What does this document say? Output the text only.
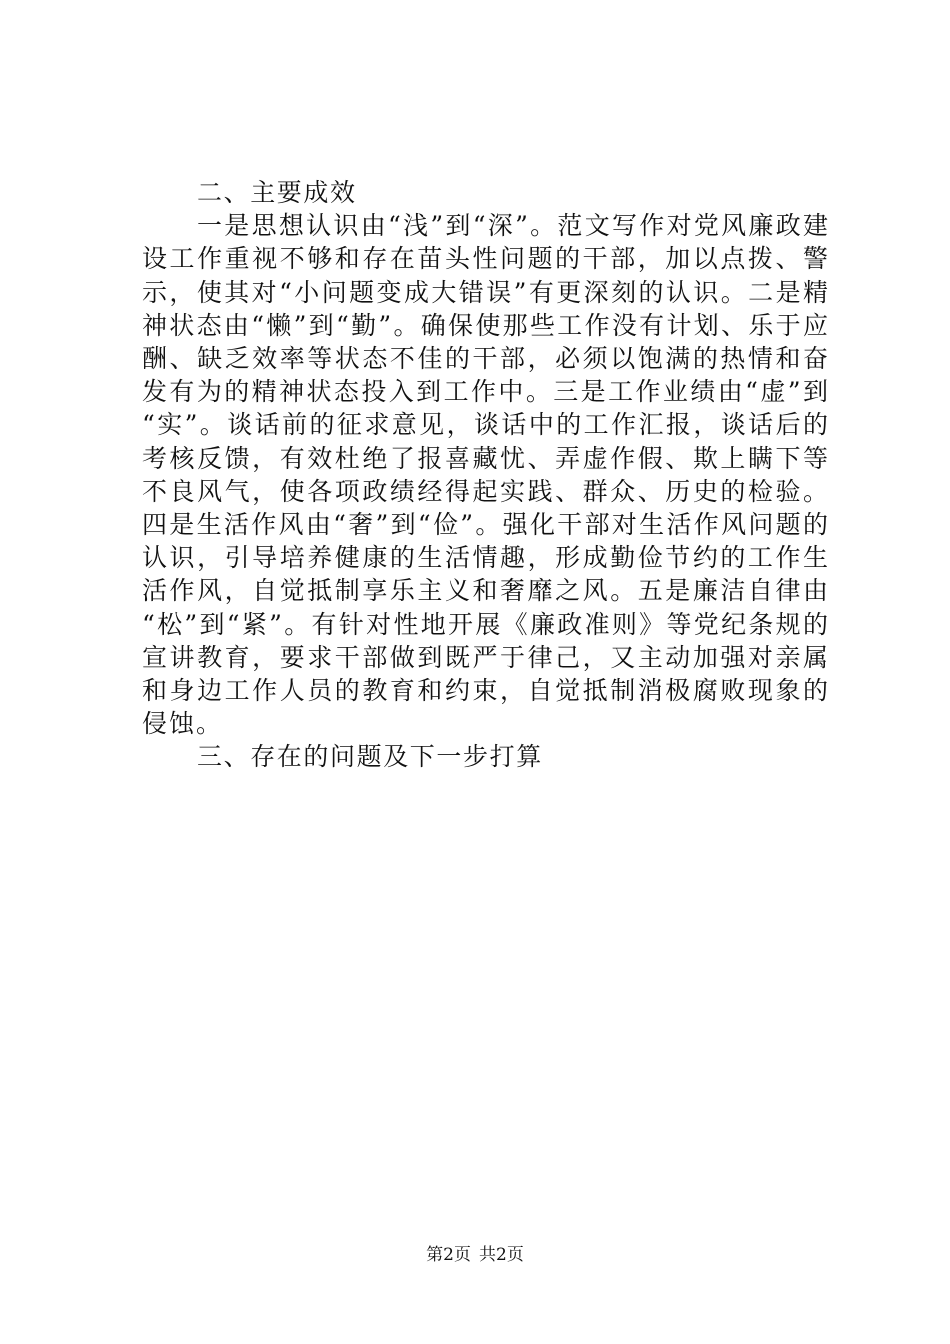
二、主要成效

一是思想认识由“浅”到“深”。范文写作对党风廉政建设工作重视不够和存在苗头性问题的干部，加以点拨、警示，使其对“小问题变成大错误”有更深刻的认识。二是精神状态由“懒”到“勤”。确保使那些工作没有计划、乐于应酬、缺乏效率等状态不佳的干部，必须以饱满的热情和奋发有为的精神状态投入到工作中。三是工作业绩由“虚”到“实”。谈话前的征求意见，谈话中的工作汇报，谈话后的考核反馈，有效杜绝了报喜藏忧、弄虚作假、欺上瞒下等不良风气，使各项政绩经得起实践、群众、历史的检验。四是生活作风由“奢”到“俭”。强化干部对生活作风问题的认识，引导培养健康的生活情趣，形成勤俭节约的工作生活作风，自觉抵制享乐主义和奢靡之风。五是廉洁自律由“松”到“紧”。有针对性地开展《廉政准则》等党纪条规的宣讲教育，要求干部做到既严于律己，又主动加强对亲属和身边工作人员的教育和约束，自觉抵制消极腐败现象的侵蚀。

三、存在的问题及下一步打算

第2页 共2页
